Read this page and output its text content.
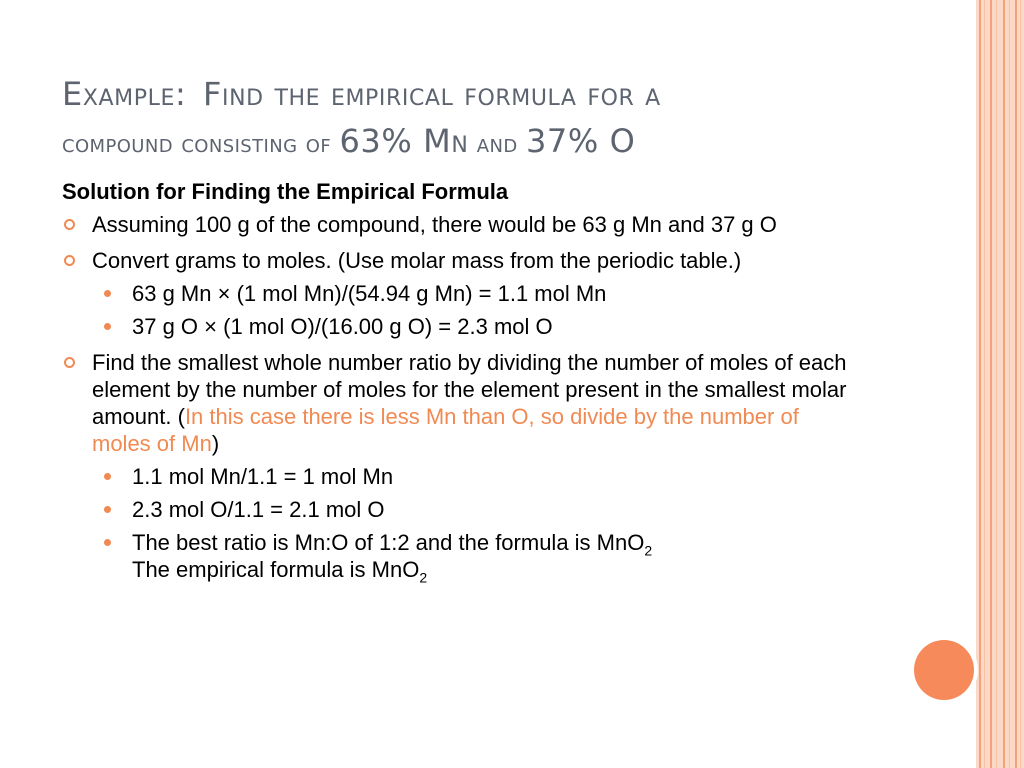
Example: Find the empirical formula for a
compound consisting of 63% Mn and 37% O
Solution for Finding the Empirical Formula
Assuming 100 g of the compound, there would be 63 g Mn and 37 g O
Convert grams to moles. (Use molar mass from the periodic table.)
63 g Mn × (1 mol Mn)/(54.94 g Mn) = 1.1 mol Mn
37 g O × (1 mol O)/(16.00 g O) = 2.3 mol O
Find the smallest whole number ratio by dividing the number of moles of each element by the number of moles for the element present in the smallest molar amount. (In this case there is less Mn than O, so divide by the number of moles of Mn)
1.1 mol Mn/1.1 = 1 mol Mn
2.3 mol O/1.1 = 2.1 mol O
The best ratio is Mn:O of 1:2 and the formula is MnO$_2$
The empirical formula is MnO$_2$
